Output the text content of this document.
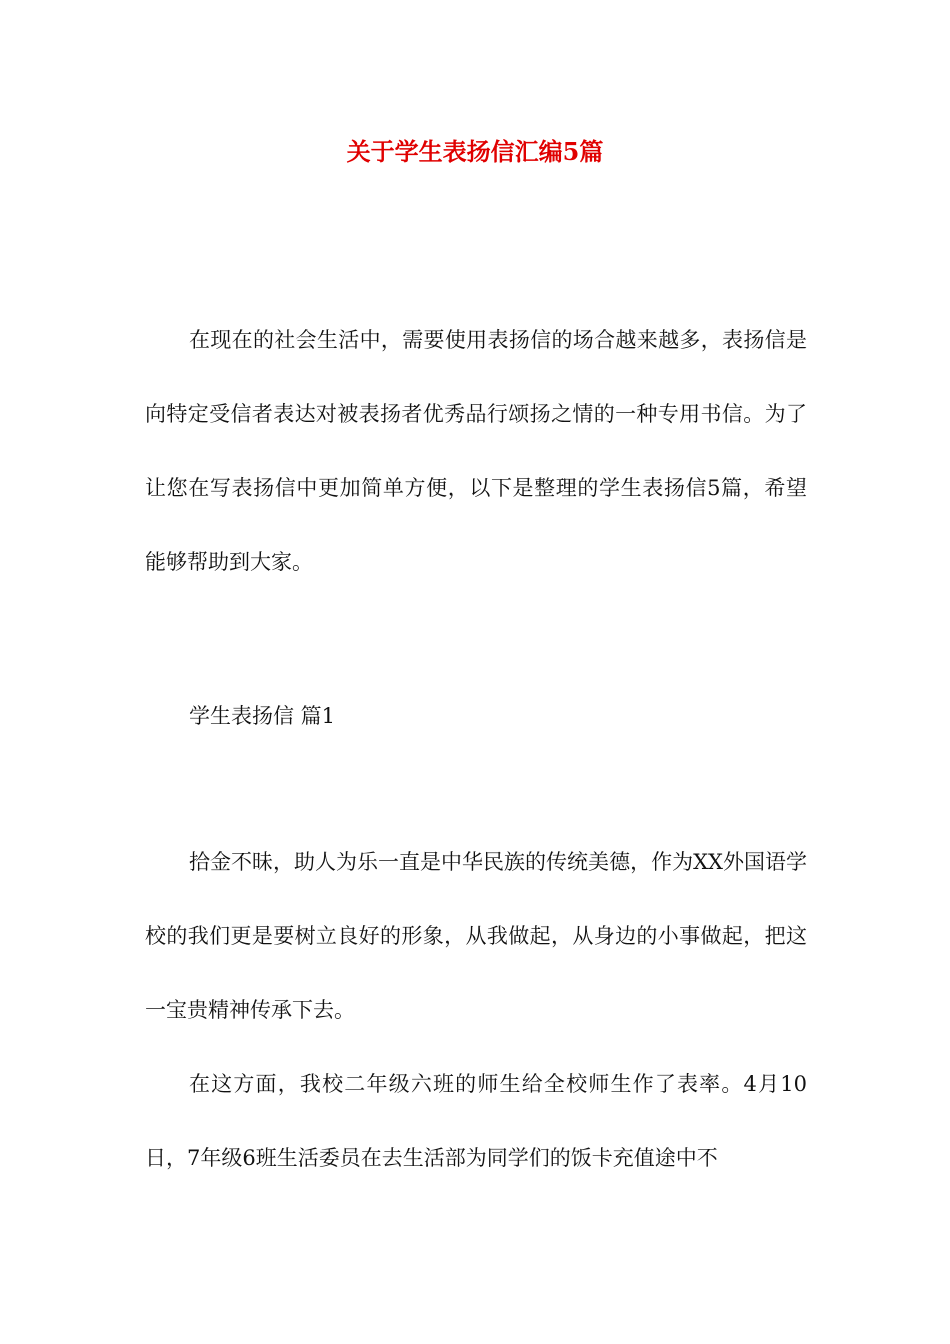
关于学生表扬信汇编5篇

在现在的社会生活中，需要使用表扬信的场合越来越多，表扬信是向特定受信者表达对被表扬者优秀品行颂扬之情的一种专用书信。为了让您在写表扬信中更加简单方便，以下是整理的学生表扬信5篇，希望能够帮助到大家。

学生表扬信 篇1

拾金不昧，助人为乐一直是中华民族的传统美德，作为XX外国语学校的我们更是要树立良好的形象，从我做起，从身边的小事做起，把这一宝贵精神传承下去。

在这方面，我校二年级六班的师生给全校师生作了表率。4月10日，7年级6班生活委员在去生活部为同学们的饭卡充值途中不
